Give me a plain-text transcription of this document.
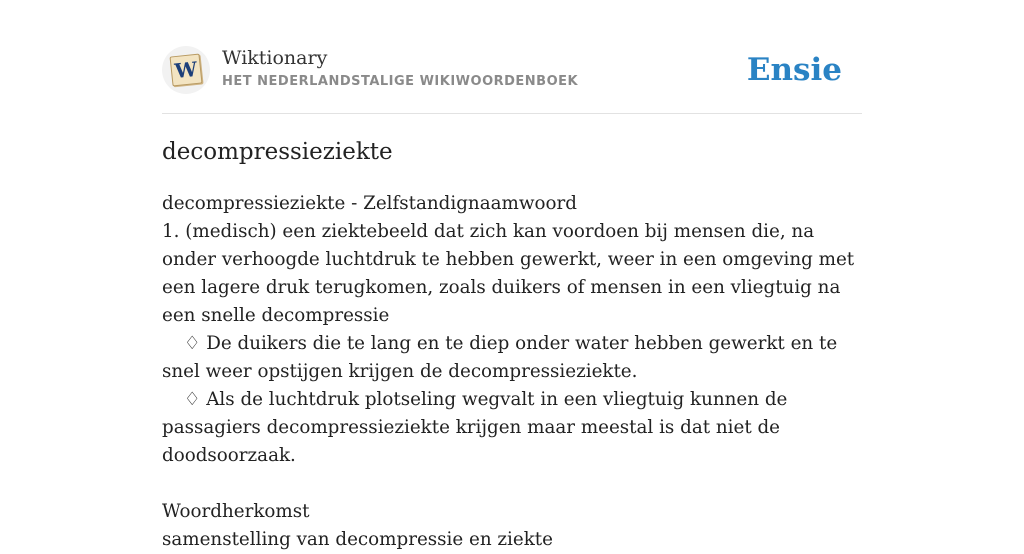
W Wiktionary
HET NEDERLANDSTALIGE WIKIWOORDENBOEK	Ensie
decompressieziekte
decompressieziekte - Zelfstandignaamwoord
1. (medisch) een ziektebeeld dat zich kan voordoen bij mensen die, na onder verhoogde luchtdruk te hebben gewerkt, weer in een omgeving met een lagere druk terugkomen, zoals duikers of mensen in een vliegtuig na een snelle decompressie
♢ De duikers die te lang en te diep onder water hebben gewerkt en te snel weer opstijgen krijgen de decompressieziekte.
♢ Als de luchtdruk plotseling wegvalt in een vliegtuig kunnen de passagiers decompressieziekte krijgen maar meestal is dat niet de doodsoorzaak.
Woordherkomst
samenstelling van decompressie en ziekte
